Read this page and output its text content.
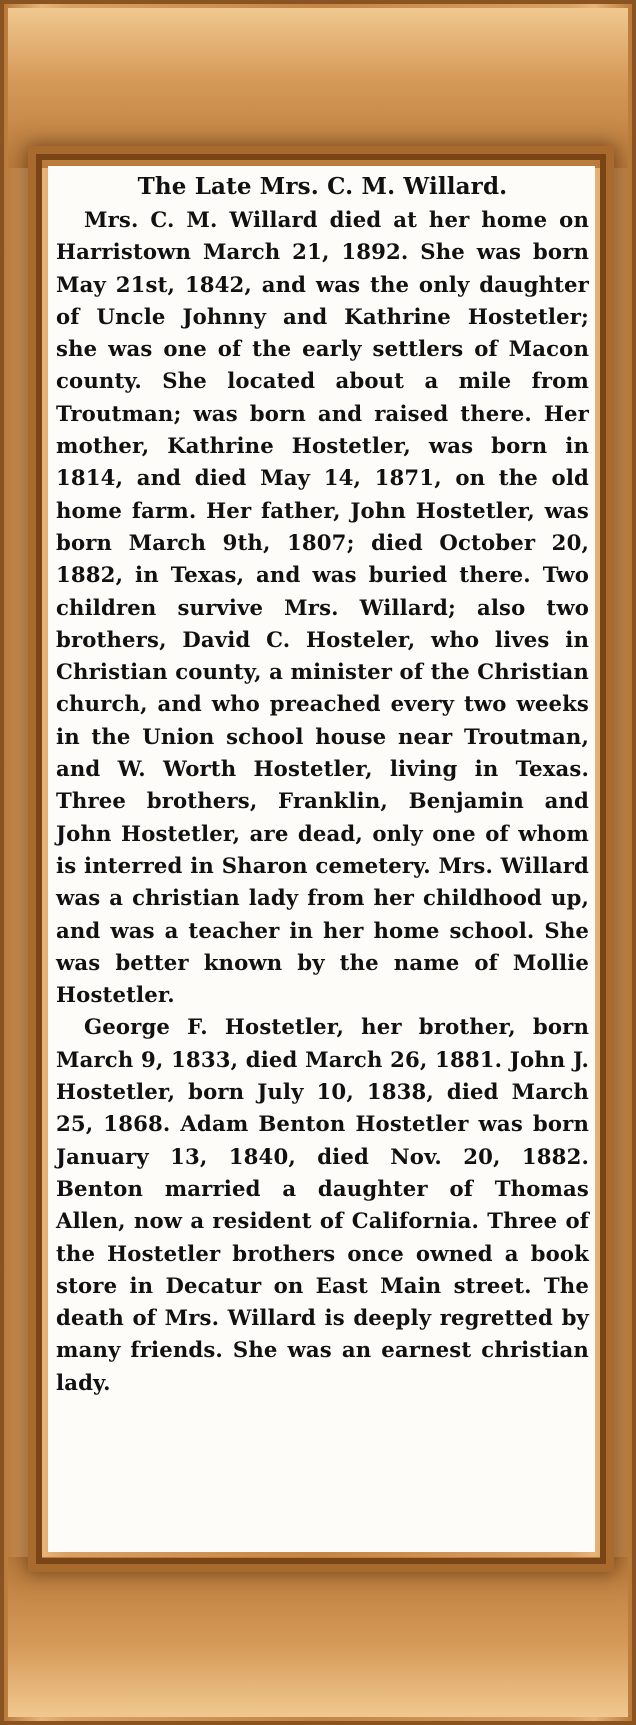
The Late Mrs. C. M. Willard.

Mrs. C. M. Willard died at her home on Harristown March 21, 1892. She was born May 21st, 1842, and was the only daughter of Uncle Johnny and Kathrine Hostetler; she was one of the early settlers of Macon county. She located about a mile from Troutman; was born and raised there. Her mother, Kathrine Hostetler, was born in 1814, and died May 14, 1871, on the old home farm. Her father, John Hostetler, was born March 9th, 1807; died October 20, 1882, in Texas, and was buried there. Two children survive Mrs. Willard; also two brothers, David C. Hosteler, who lives in Christian county, a minister of the Christian church, and who preached every two weeks in the Union school house near Troutman, and W. Worth Hostetler, living in Texas. Three brothers, Franklin, Benjamin and John Hostetler, are dead, only one of whom is interred in Sharon cemetery. Mrs. Willard was a christian lady from her childhood up, and was a teacher in her home school. She was better known by the name of Mollie Hostetler.

George F. Hostetler, her brother, born March 9, 1833, died March 26, 1881. John J. Hostetler, born July 10, 1838, died March 25, 1868. Adam Benton Hostetler was born January 13, 1840, died Nov. 20, 1882. Benton married a daughter of Thomas Allen, now a resident of California. Three of the Hostetler brothers once owned a book store in Decatur on East Main street. The death of Mrs. Willard is deeply regretted by many friends. She was an earnest christian lady.
